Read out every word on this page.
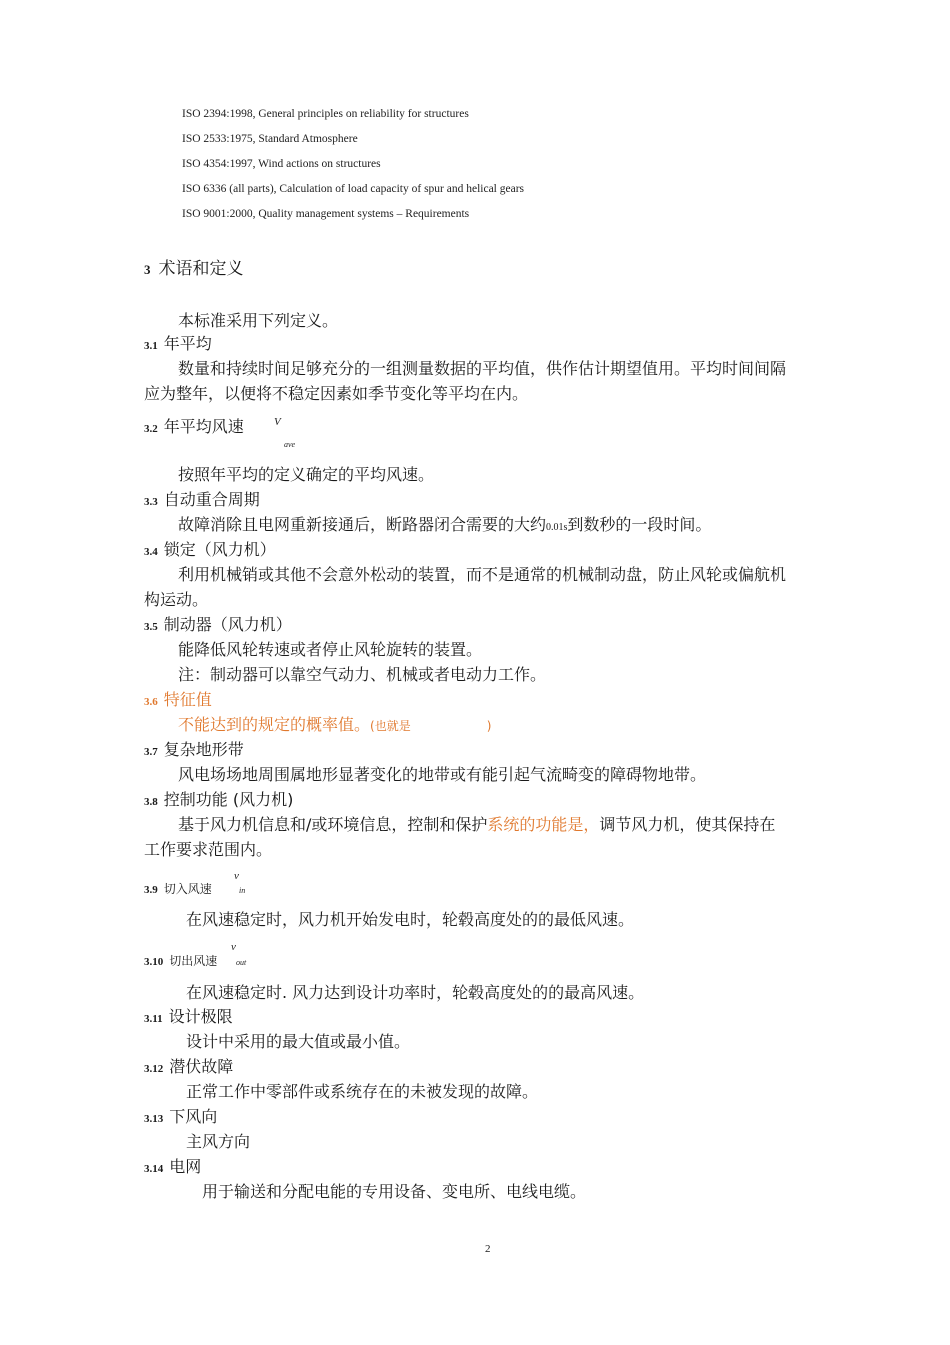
ISO 2394:1998, General principles on reliability for structures
ISO 2533:1975, Standard Atmosphere
ISO 4354:1997, Wind actions on structures
ISO 6336 (all parts), Calculation of load capacity of spur and helical gears
ISO 9001:2000, Quality management systems – Requirements
3 术语和定义
本标准采用下列定义。
3.1 年平均
数量和持续时间足够充分的一组测量数据的平均值，供作估计期望值用。平均时间间隔
应为整年，以便将不稳定因素如季节变化等平均在内。
3.2 年平均风速	V
ave
按照年平均的定义确定的平均风速。
3.3 自动重合周期
故障消除且电网重新接通后，断路器闭合需要的大约0.01s到数秒的一段时间。
3.4 锁定（风力机）
利用机械销或其他不会意外松动的装置，而不是通常的机械制动盘，防止风轮或偏航机
构运动。
3.5 制动器（风力机）
能降低风轮转速或者停止风轮旋转的装置。
注：制动器可以靠空气动力、机械或者电动力工作。
3.6 特征值
不能达到的规定的概率值。(也就是	)
3.7 复杂地形带
风电场场地周围属地形显著变化的地带或有能引起气流畸变的障碍物地带。
3.8 控制功能 (风力机)
基于风力机信息和/或环境信息，控制和保护系统的功能是，调节风力机，使其保持在
工作要求范围内。
3.9 切入风速
v
in
在风速稳定时，风力机开始发电时，轮毂高度处的的最低风速。
3.10 切出风速
v
out
在风速稳定时. 风力达到设计功率时，轮毂高度处的的最高风速。
3.11 设计极限
设计中采用的最大值或最小值。
3.12 潜伏故障
正常工作中零部件或系统存在的未被发现的故障。
3.13 下风向
主风方向
3.14 电网
用于输送和分配电能的专用设备、变电所、电线电缆。
2
